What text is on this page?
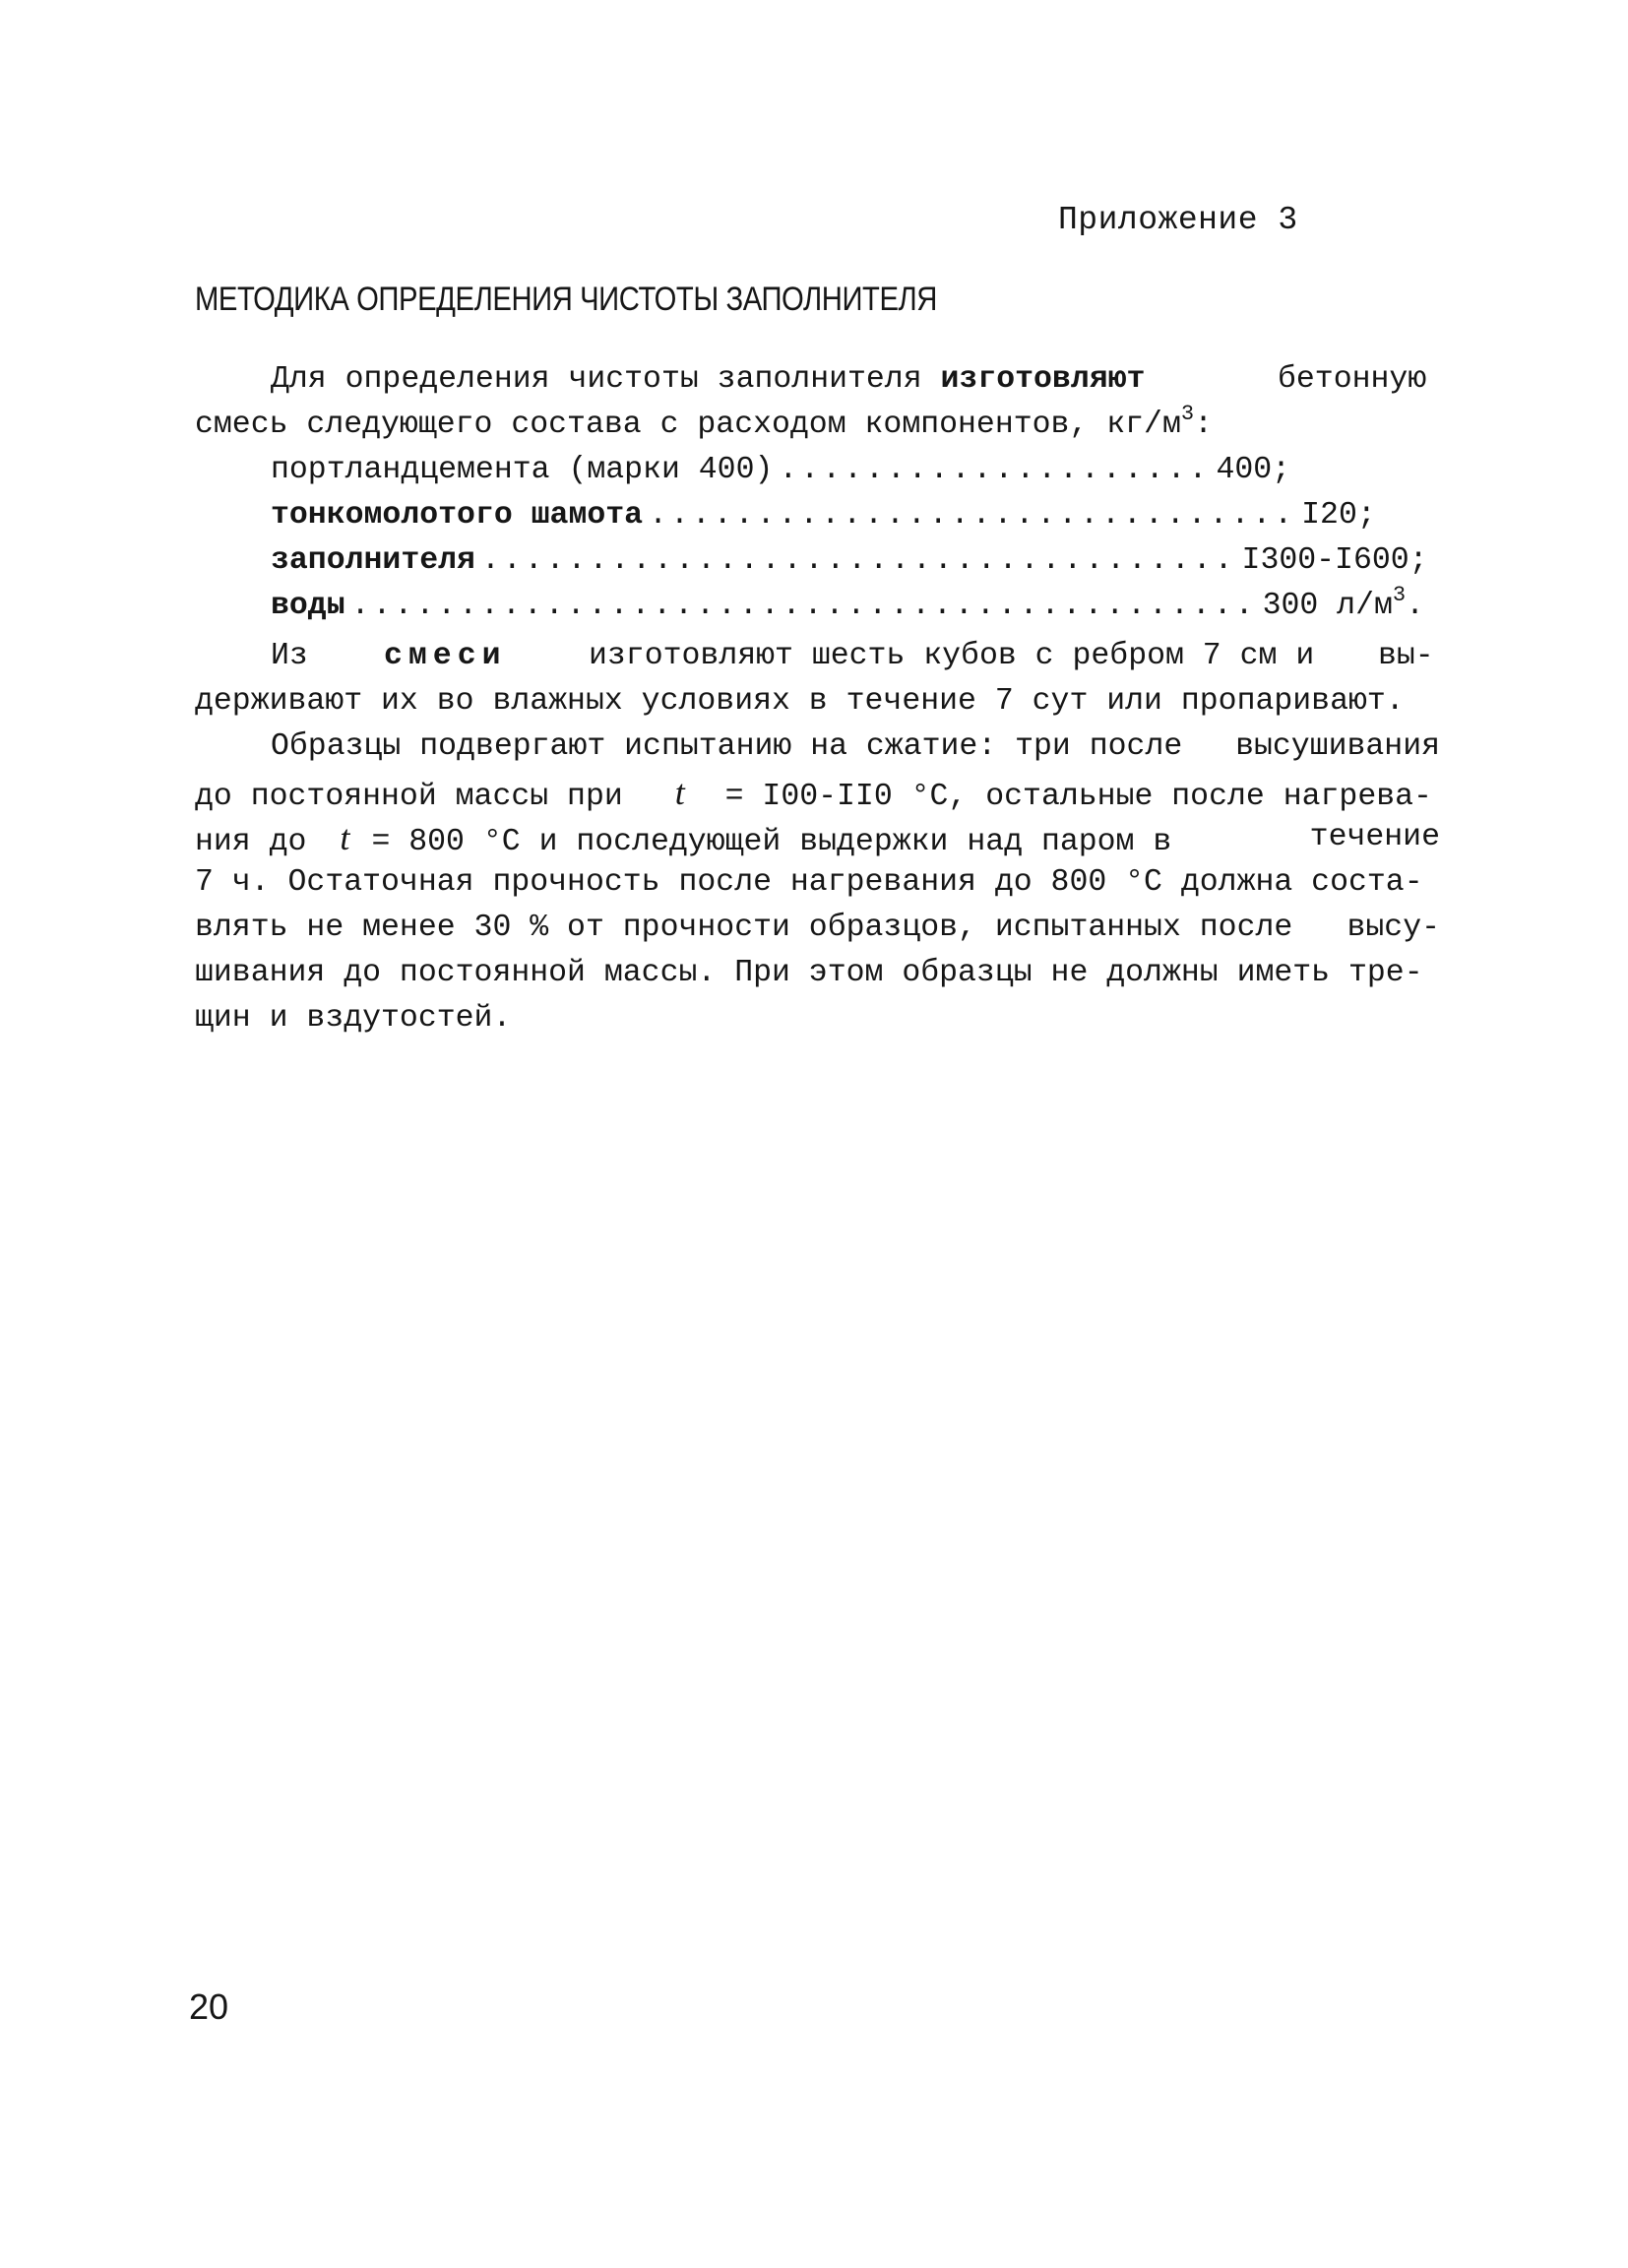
Приложение 3
МЕТОДИКА ОПРЕДЕЛЕНИЯ ЧИСТОТЫ ЗАПОЛНИТЕЛЯ
Для определения чистоты заполнителя изготовляют	бетонную
смесь следующего состава с расходом компонентов, $кг/м^3$:
портландцемента (марки 400) .................... 400;
тонкомолотого шамота .............................. I20;
заполнителя ................................... I300-I600;
воды .......................................... 300 $л/м^3$.
Из смеси	изготовляют шесть кубов с ребром 7 см и вы-
держивают их во влажных условиях в течение 7 сут или пропаривают.
Образцы подвергают испытанию на сжатие: три после высушивания
до постоянной массы при t = I00-II0 °С, остальные после нагрева-
ния до t = 800 °С и последующей выдержки над паром в	течение
7 ч. Остаточная прочность после нагревания до 800 °С должна соста-
влять не менее 30 % от прочности образцов, испытанных после высу-
шивания до постоянной массы. При этом образцы не должны иметь тре-
щин и вздутостей.
20
